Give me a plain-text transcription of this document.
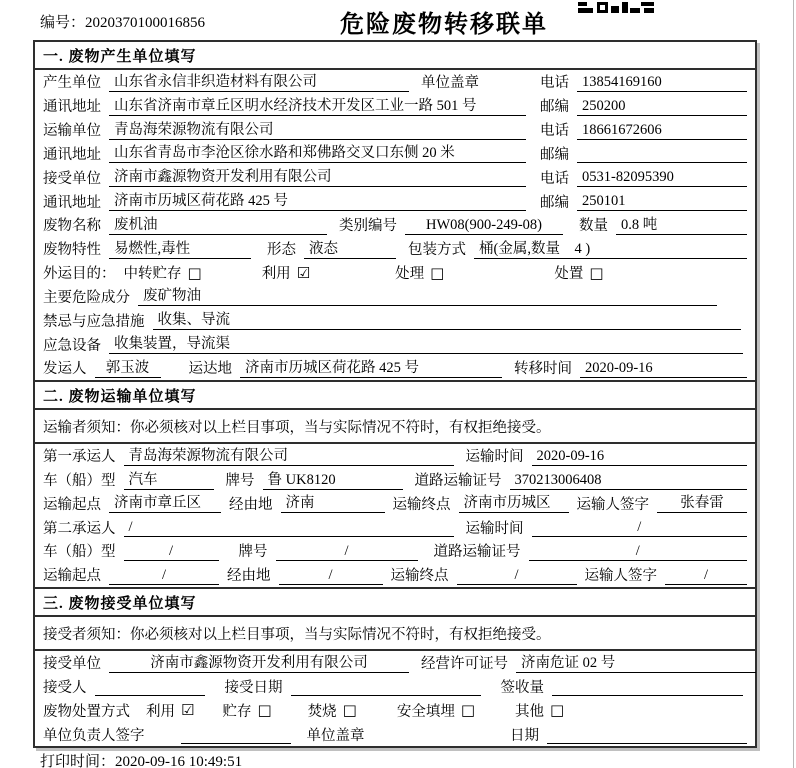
编号：2020370100016856	危险废物转移联单
一. 废物产生单位填写
产生单位 山东省永信非织造材料有限公司	单位盖章	电话 13854169160
通讯地址 山东省济南市章丘区明水经济技术开发区工业一路 501 号	邮编 250200
运输单位 青岛海荣源物流有限公司	电话 18661672606
通讯地址 山东省青岛市李沧区徐水路和郑佛路交叉口东侧 20 米	邮编
接受单位 济南市鑫源物资开发利用有限公司	电话 0531-82095390
通讯地址 济南市历城区荷花路 425 号	邮编 250101
废物名称 废机油	类别编号	HW08(900-249-08)	数量 0.8 吨
废物特性 易燃性,毒性	形态 液态	包装方式 桶(金属,数量　4 )
外运目的： 中转贮存 □	利用 ☑	处理 □	处置 □
主要危险成分 废矿物油
禁忌与应急措施 收集、导流
应急设备 收集装置，导流渠
发运人	郭玉波	运达地 济南市历城区荷花路 425 号	转移时间 2020-09-16
二. 废物运输单位填写
运输者须知：你必须核对以上栏目事项，当与实际情况不符时，有权拒绝接受。
第一承运人 青岛海荣源物流有限公司	运输时间 2020-09-16
车（船）型 汽车	牌号 鲁 UK8120	道路运输证号 370213006408
运输起点 济南市章丘区	经由地 济南	运输终点 济南市历城区	运输人签字	张春雷
第二承运人 /	运输时间	/
车（船）型	/	牌号	/	道路运输证号	/
运输起点	/	经由地	/	运输终点	/	运输人签字	/
三. 废物接受单位填写
接受者须知：你必须核对以上栏目事项，当与实际情况不符时，有权拒绝接受。
接受单位	济南市鑫源物资开发利用有限公司	经营许可证号 济南危证 02 号
接受人	接受日期	签收量
废物处置方式 利用 ☑ 贮存 □ 焚烧 □	安全填埋 □	其他 □
单位负责人签字	单位盖章	日期
打印时间：2020-09-16 10:49:51
